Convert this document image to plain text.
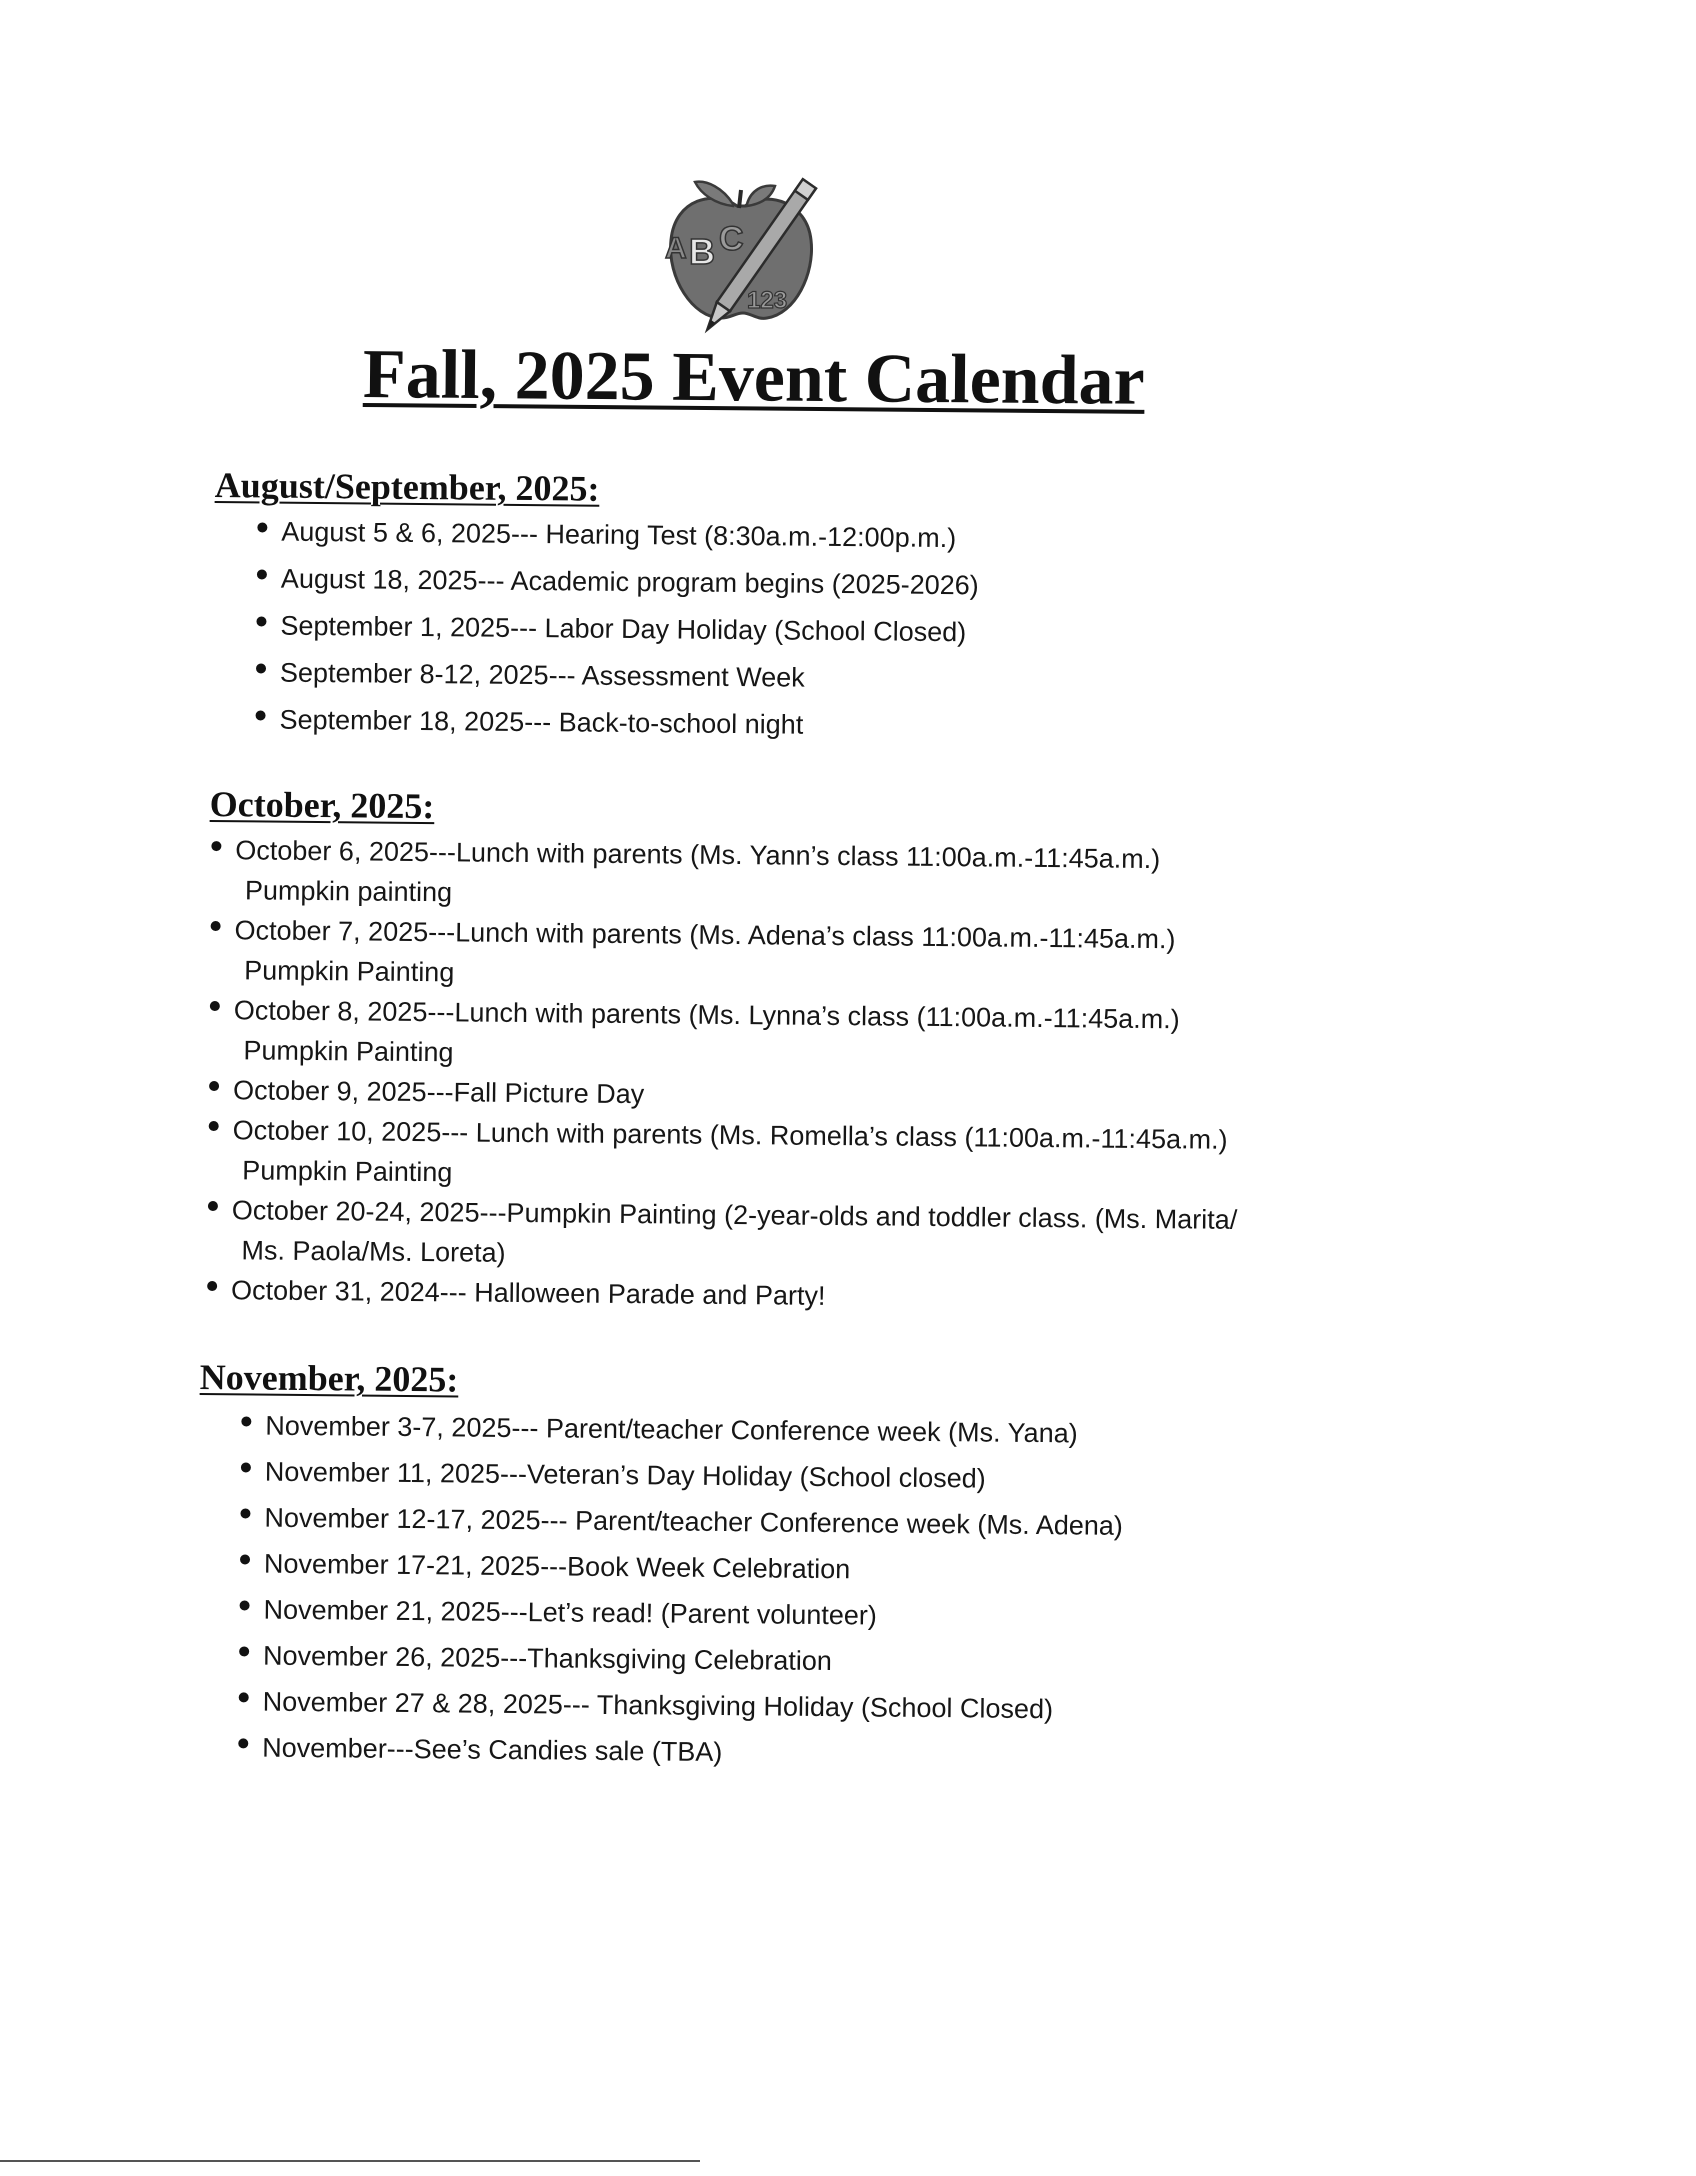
A B C
123
Fall, 2025 Event Calendar
August/September, 2025:
August 5 & 6, 2025--- Hearing Test (8:30a.m.-12:00p.m.)
August 18, 2025--- Academic program begins (2025-2026)
September 1, 2025--- Labor Day Holiday (School Closed)
September 8-12, 2025--- Assessment Week
September 18, 2025--- Back-to-school night
October, 2025:
October 6, 2025---Lunch with parents (Ms. Yann’s class 11:00a.m.-11:45a.m.)
Pumpkin painting
October 7, 2025---Lunch with parents (Ms. Adena’s class 11:00a.m.-11:45a.m.)
Pumpkin Painting
October 8, 2025---Lunch with parents (Ms. Lynna’s class (11:00a.m.-11:45a.m.)
Pumpkin Painting
October 9, 2025---Fall Picture Day
October 10, 2025--- Lunch with parents (Ms. Romella’s class (11:00a.m.-11:45a.m.)
Pumpkin Painting
October 20-24, 2025---Pumpkin Painting (2-year-olds and toddler class. (Ms. Marita/
Ms. Paola/Ms. Loreta)
October 31, 2024--- Halloween Parade and Party!
November, 2025:
November 3-7, 2025--- Parent/teacher Conference week (Ms. Yana)
November 11, 2025---Veteran’s Day Holiday (School closed)
November 12-17, 2025--- Parent/teacher Conference week (Ms. Adena)
November 17-21, 2025---Book Week Celebration
November 21, 2025---Let’s read! (Parent volunteer)
November 26, 2025---Thanksgiving Celebration
November 27 & 28, 2025--- Thanksgiving Holiday (School Closed)
November---See’s Candies sale (TBA)
